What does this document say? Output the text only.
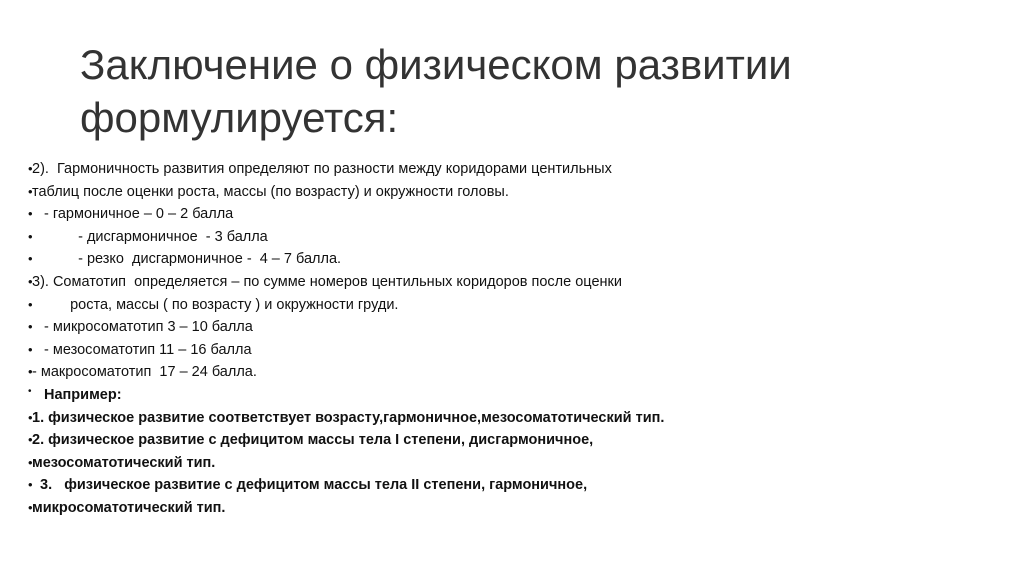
Заключение о физическом развитии формулируется:
• 2).  Гармоничность развития определяют по разности между коридорами центильных
• таблиц после оценки роста, массы (по возрасту) и окружности головы.
• - гармоничное – 0 – 2 балла
• - дисгармоничное  - 3 балла
• - резко  дисгармоничное -  4 – 7 балла.
• 3). Соматотип  определяется – по сумме номеров центильных коридоров после оценки
• роста, массы ( по возрасту ) и окружности груди.
• - микросоматотип 3 – 10 балла
• - мезосоматотип 11 – 16 балла
• - макросоматотип  17 – 24 балла.
• Например:
• 1. физическое развитие соответствует возрасту,гармоничное,мезосоматотический тип.
• 2. физическое развитие с дефицитом массы тела I степени, дисгармоничное,
• мезосоматотический тип.
• 3.   физическое развитие с дефицитом массы тела II степени, гармоничное,
• микросоматотический тип.
